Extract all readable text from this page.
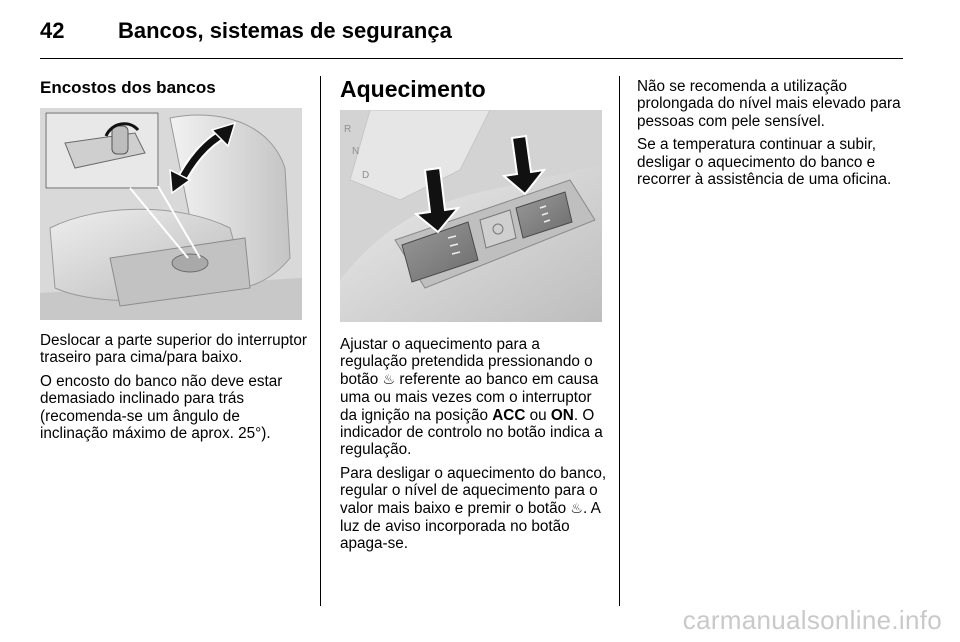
42 Bancos, sistemas de segurança
Encostos dos bancos

Deslocar a parte superior do interruptor traseiro para cima/para baixo.

O encosto do banco não deve estar demasiado inclinado para trás (recomenda-se um ângulo de inclinação máximo de aprox. 25°).

Aquecimento
R
N
D

Ajustar o aquecimento para a regulação pretendida pressionando o botão ♨ referente ao banco em causa uma ou mais vezes com o interruptor da ignição na posição ACC ou ON. O indicador de controlo no botão indica a regulação.

Para desligar o aquecimento do banco, regular o nível de aquecimento para o valor mais baixo e premir o botão ♨. A luz de aviso incorporada no botão apaga-se.

Não se recomenda a utilização prolongada do nível mais elevado para pessoas com pele sensível.

Se a temperatura continuar a subir, desligar o aquecimento do banco e recorrer à assistência de uma oficina.

carmanualsonline.info
